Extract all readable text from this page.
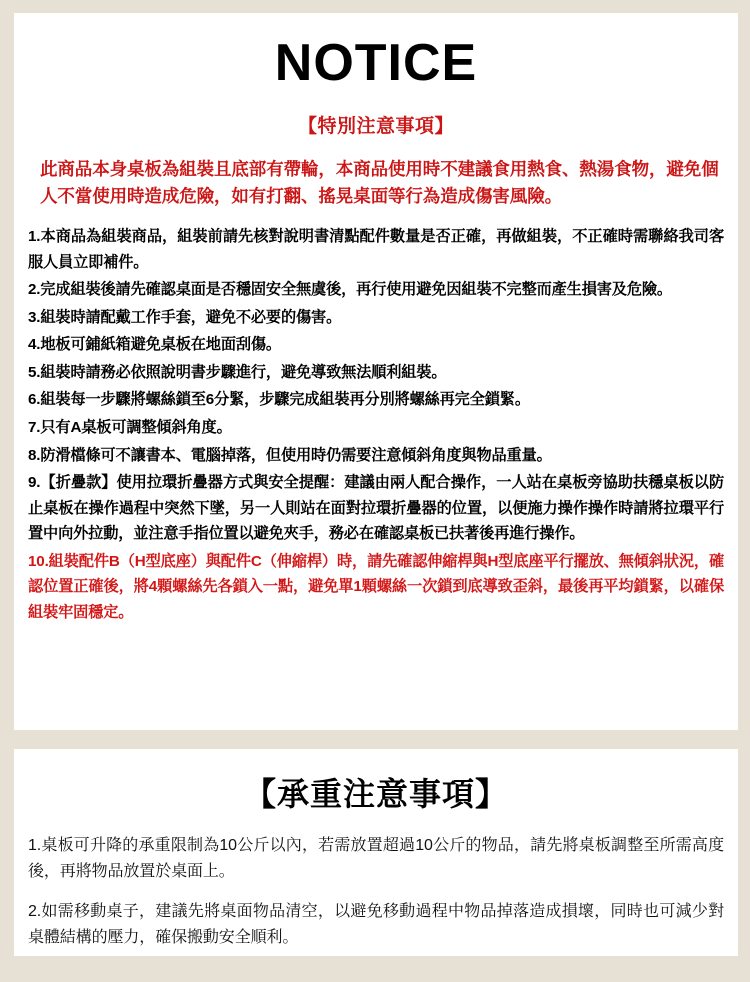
NOTICE
【特別注意事項】

此商品本身桌板為組裝且底部有帶輪，本商品使用時不建議食用熱食、熱湯食物，避免個人不當使用時造成危險，如有打翻、搖晃桌面等行為造成傷害風險。

1.本商品為組裝商品，組裝前請先核對說明書清點配件數量是否正確，再做組裝，不正確時需聯絡我司客服人員立即補件。
2.完成組裝後請先確認桌面是否穩固安全無虞後，再行使用避免因組裝不完整而產生損害及危險。
3.組裝時請配戴工作手套，避免不必要的傷害。
4.地板可鋪紙箱避免桌板在地面刮傷。
5.組裝時請務必依照說明書步驟進行，避免導致無法順利組裝。
6.組裝每一步驟將螺絲鎖至6分緊，步驟完成組裝再分別將螺絲再完全鎖緊。
7.只有A桌板可調整傾斜角度。
8.防滑檔條可不讓書本、電腦掉落，但使用時仍需要注意傾斜角度與物品重量。
9.【折疊款】使用拉環折疊器方式與安全提醒：建議由兩人配合操作，一人站在桌板旁協助扶穩桌板以防止桌板在操作過程中突然下墜，另一人則站在面對拉環折疊器的位置，以便施力操作操作時請將拉環平行置中向外拉動，並注意手指位置以避免夾手，務必在確認桌板已扶著後再進行操作。
10.組裝配件B（H型底座）與配件C（伸縮桿）時，請先確認伸縮桿與H型底座平行擺放、無傾斜狀況，確認位置正確後，將4顆螺絲先各鎖入一點，避免單1顆螺絲一次鎖到底導致歪斜，最後再平均鎖緊，以確保組裝牢固穩定。
【承重注意事項】
1.桌板可升降的承重限制為10公斤以內，若需放置超過10公斤的物品，請先將桌板調整至所需高度後，再將物品放置於桌面上。
2.如需移動桌子，建議先將桌面物品清空，以避免移動過程中物品掉落造成損壞，同時也可減少對桌體結構的壓力，確保搬動安全順利。
